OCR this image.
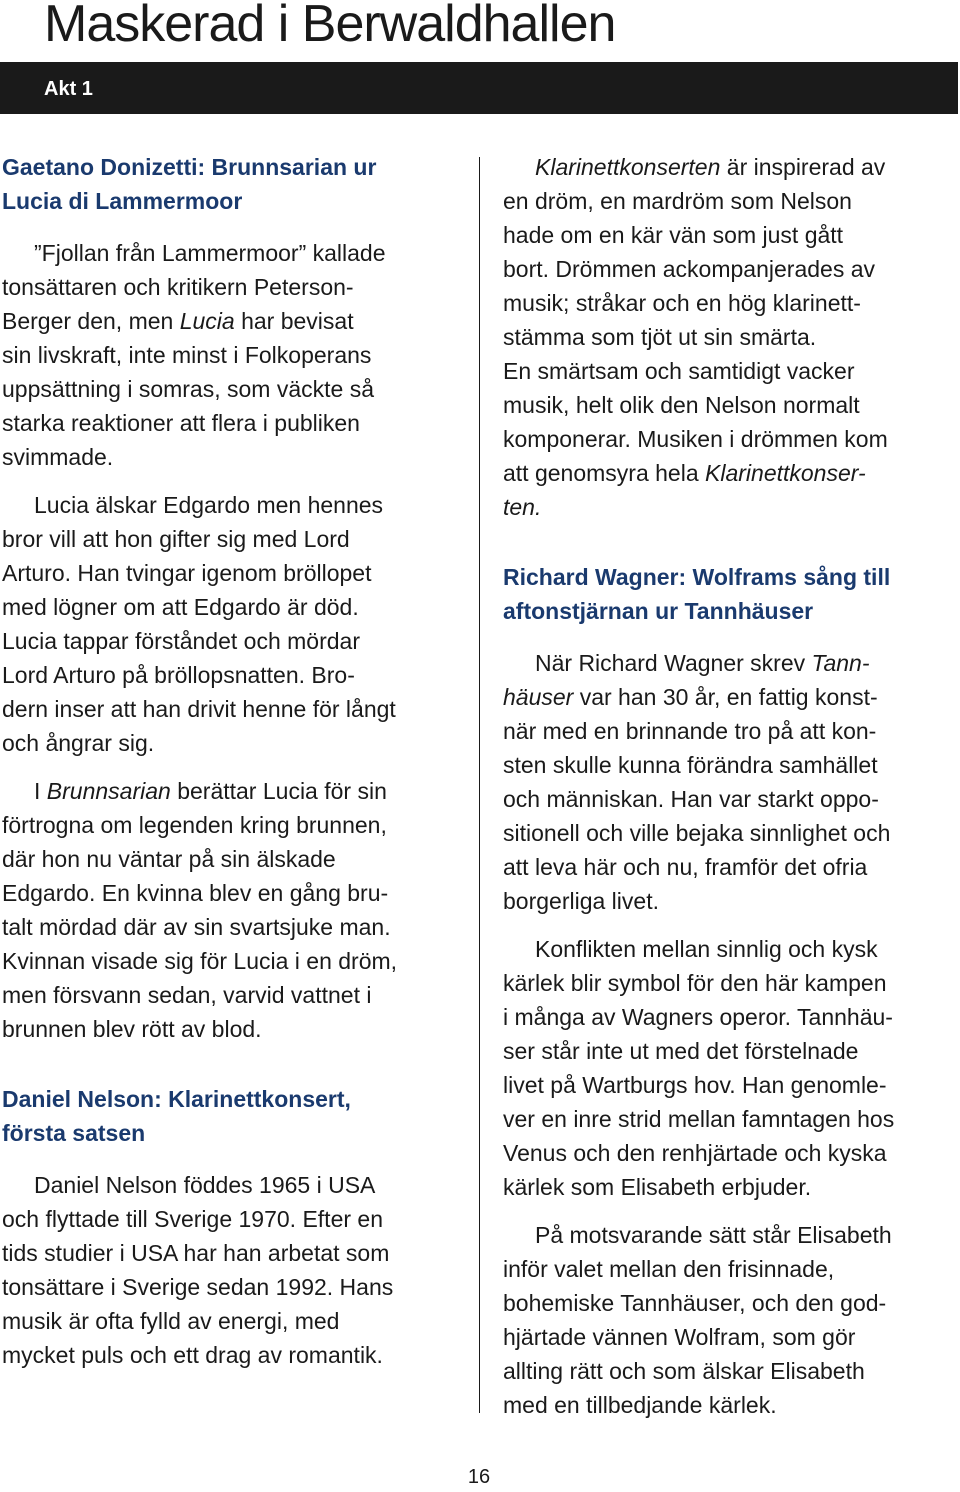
Maskerad i Berwaldhallen
Akt 1
Gaetano Donizetti: Brunnsarian ur
Lucia di Lammermoor

”Fjollan från Lammermoor” kallade
tonsättaren och kritikern Peterson-
Berger den, men Lucia har bevisat
sin livskraft, inte minst i Folkoperans
uppsättning i somras, som väckte så
starka reaktioner att flera i publiken
svimmade.

Lucia älskar Edgardo men hennes
bror vill att hon gifter sig med Lord
Arturo. Han tvingar igenom bröllopet
med lögner om att Edgardo är död.
Lucia tappar förståndet och mördar
Lord Arturo på bröllopsnatten. Bro-
dern inser att han drivit henne för långt
och ångrar sig.

I Brunnsarian berättar Lucia för sin
förtrogna om legenden kring brunnen,
där hon nu väntar på sin älskade
Edgardo. En kvinna blev en gång bru-
talt mördad där av sin svartsjuke man.
Kvinnan visade sig för Lucia i en dröm,
men försvann sedan, varvid vattnet i
brunnen blev rött av blod.

Daniel Nelson: Klarinettkonsert,
första satsen

Daniel Nelson föddes 1965 i USA
och flyttade till Sverige 1970. Efter en
tids studier i USA har han arbetat som
tonsättare i Sverige sedan 1992. Hans
musik är ofta fylld av energi, med
mycket puls och ett drag av romantik.

Klarinettkonserten är inspirerad av
en dröm, en mardröm som Nelson
hade om en kär vän som just gått
bort. Drömmen ackompanjerades av
musik; stråkar och en hög klarinett-
stämma som tjöt ut sin smärta.
En smärtsam och samtidigt vacker
musik, helt olik den Nelson normalt
komponerar. Musiken i drömmen kom
att genomsyra hela Klarinettkonser-
ten.

Richard Wagner: Wolframs sång till
aftonstjärnan ur Tannhäuser

När Richard Wagner skrev Tann-
häuser var han 30 år, en fattig konst-
när med en brinnande tro på att kon-
sten skulle kunna förändra samhället
och människan. Han var starkt oppo-
sitionell och ville bejaka sinnlighet och
att leva här och nu, framför det ofria
borgerliga livet.

Konflikten mellan sinnlig och kysk
kärlek blir symbol för den här kampen
i många av Wagners operor. Tannhäu-
ser står inte ut med det förstelnade
livet på Wartburgs hov. Han genomle-
ver en inre strid mellan famntagen hos
Venus och den renhjärtade och kyska
kärlek som Elisabeth erbjuder.

På motsvarande sätt står Elisabeth
inför valet mellan den frisinnade,
bohemiske Tannhäuser, och den god-
hjärtade vännen Wolfram, som gör
allting rätt och som älskar Elisabeth
med en tillbedjande kärlek.

16
